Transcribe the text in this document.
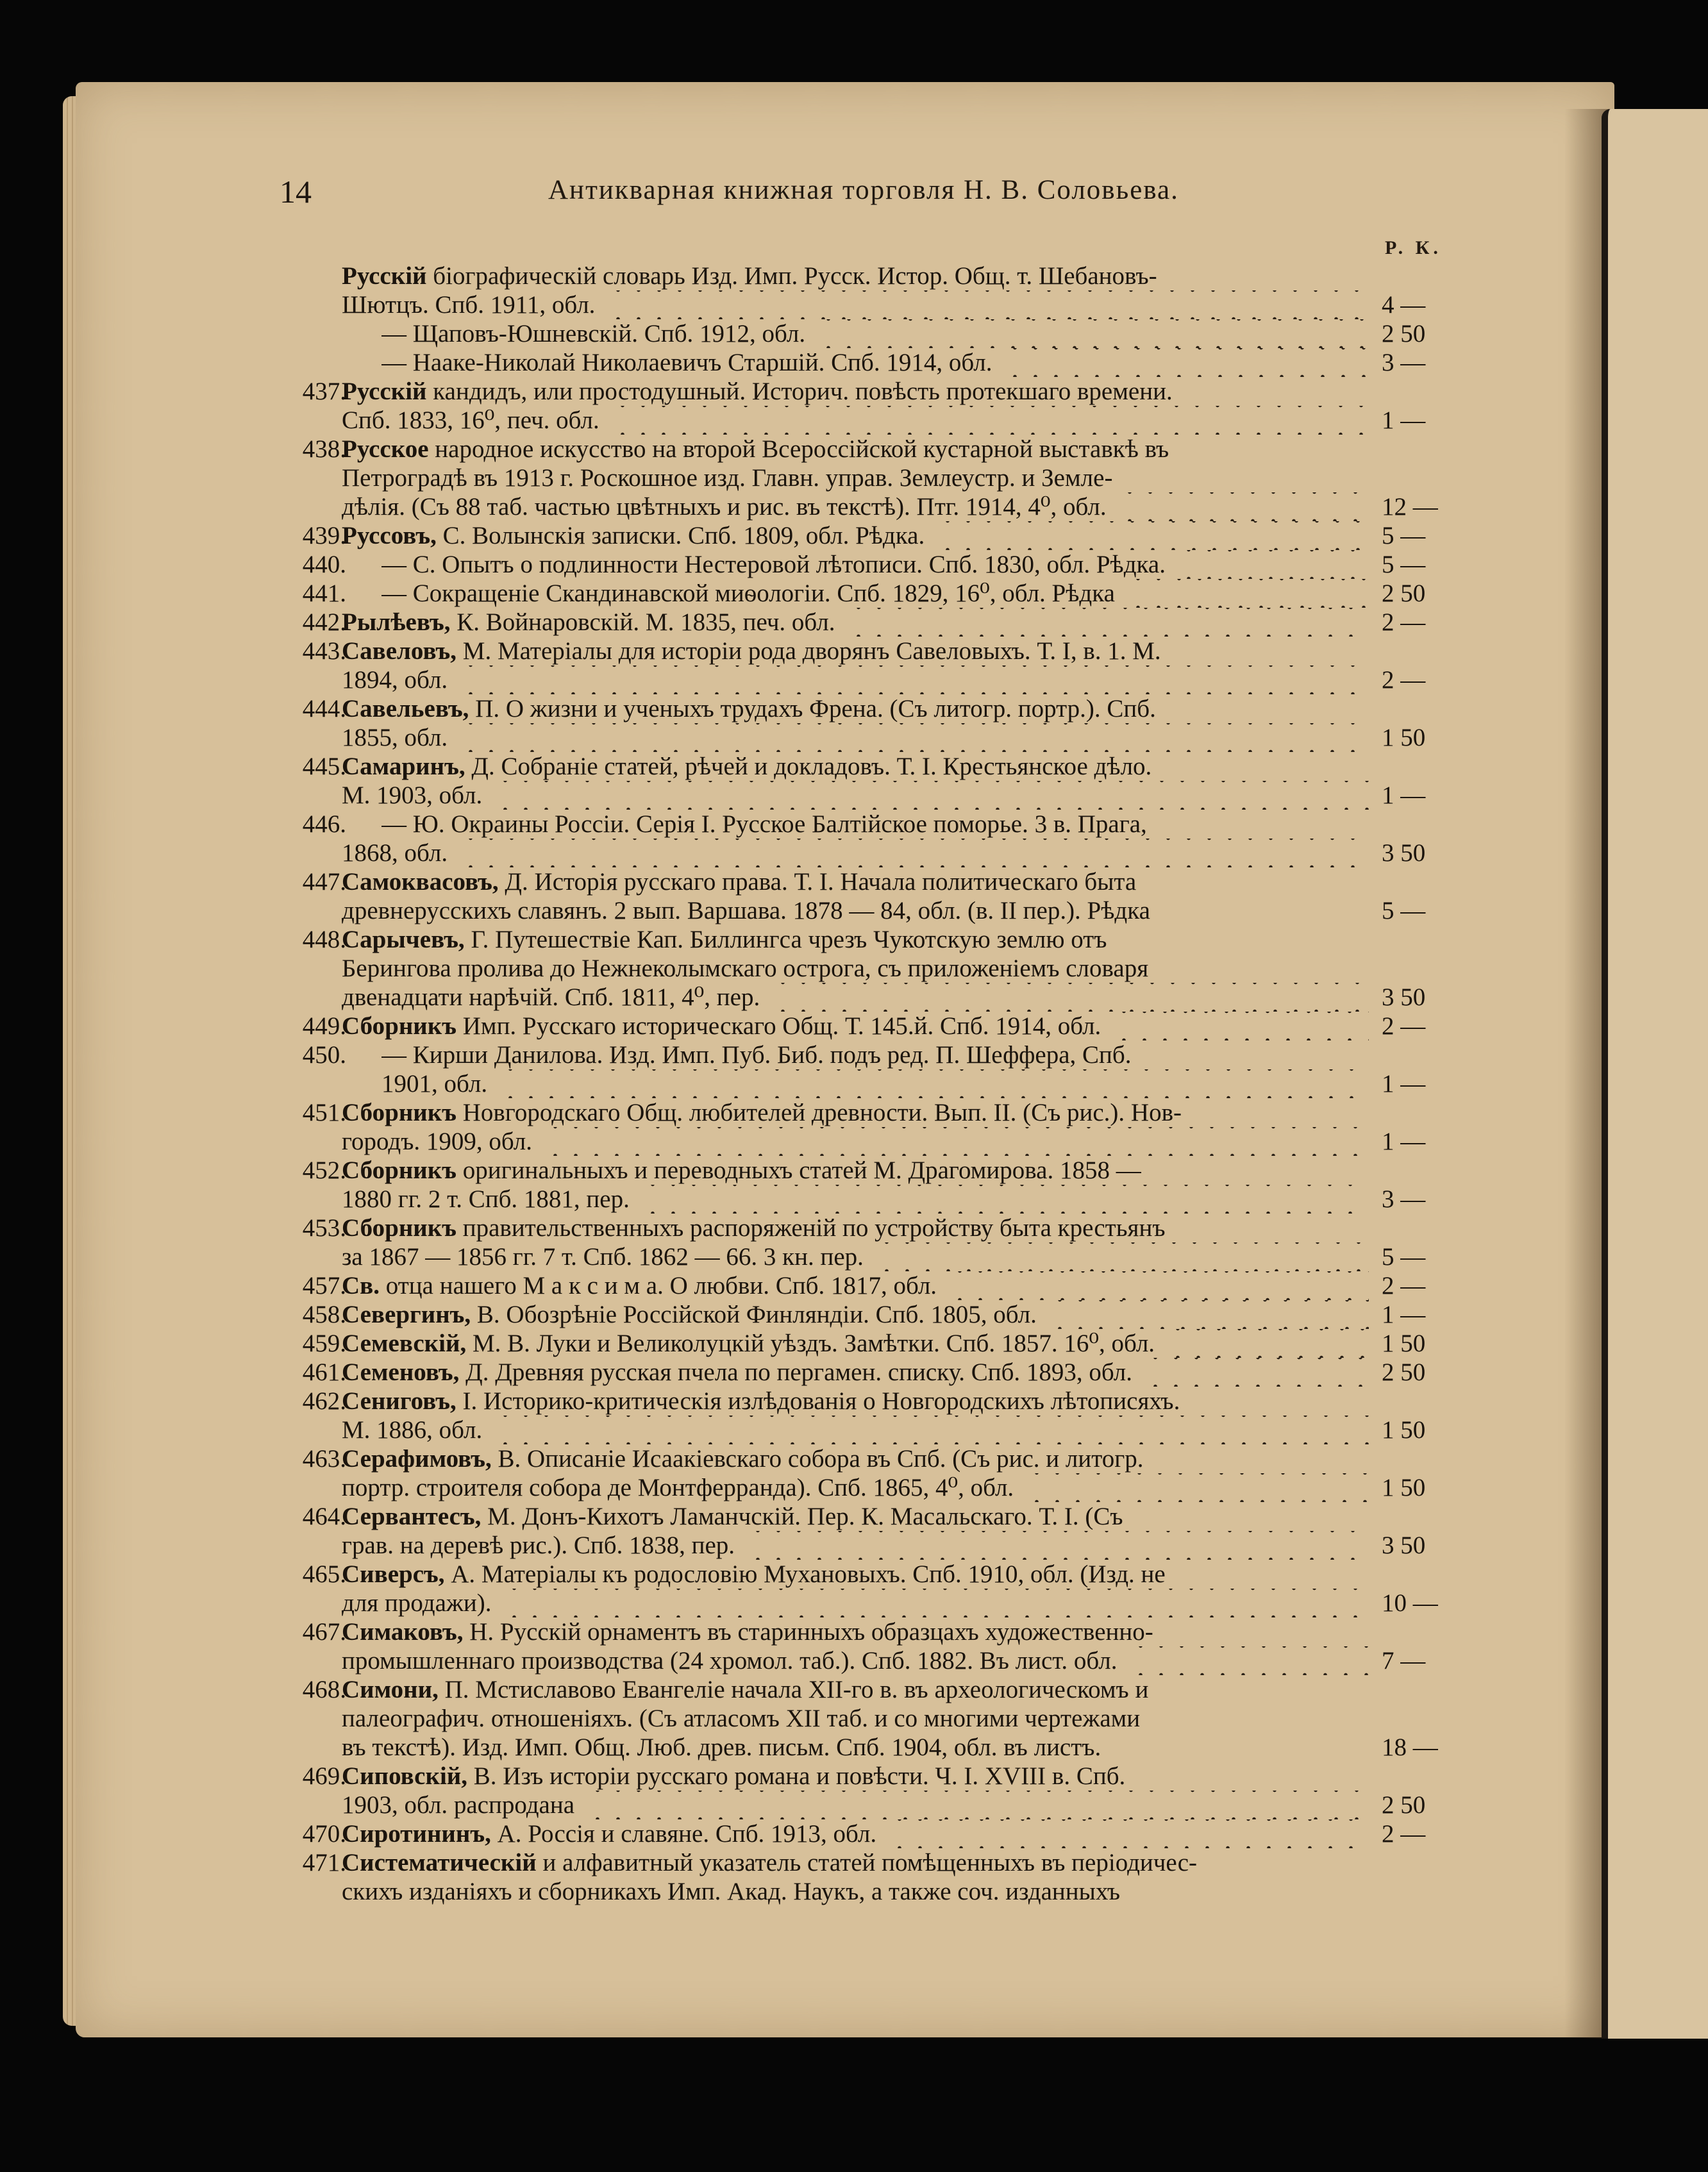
14	Антикварная книжная торговля Н. В. Соловьева.
Р. К.
Русскій біографическій словарь Изд. Имп. Русск. Истор. Общ. т. Шебановъ-
Шютцъ. Спб. 1911, обл.	4 —
— Щаповъ-Юшневскій. Спб. 1912, обл.	2 50
— Нааке-Николай Николаевичъ Старшій. Спб. 1914, обл.	3 —
437.
Русскій кандидъ, или простодушный. Историч. повѣсть протекшаго времени.
Спб. 1833, 16⁰, печ. обл.	1 —
438.
Русское народное искусство на второй Всероссійской кустарной выставкѣ въ
Петроградѣ въ 1913 г. Роскошное изд. Главн. управ. Землеустр. и Земле-
дѣлія. (Съ 88 таб. частью цвѣтныхъ и рис. въ текстѣ). Птг. 1914, 4⁰, обл.	12 —
439.
Руссовъ, С. Волынскія записки. Спб. 1809, обл. Рѣдка.	5 —
440. — С. Опытъ о подлинности Нестеровой лѣтописи. Спб. 1830, обл. Рѣдка.	5 —
441. — Сокращеніе Скандинавской миѳологіи. Спб. 1829, 16⁰, обл. Рѣдка	2 50
442.
Рылѣевъ, К. Войнаровскій. М. 1835, печ. обл.	2 —
443.
Савеловъ, М. Матеріалы для исторіи рода дворянъ Савеловыхъ. Т. I, в. 1. М.
1894, обл.	2 —
444.
Савельевъ, П. О жизни и ученыхъ трудахъ Френа. (Съ литогр. портр.). Спб.
1855, обл.	1 50
445.
Самаринъ, Д. Собраніе статей, рѣчей и докладовъ. Т. I. Крестьянское дѣло.
М. 1903, обл.	1 —
446. — Ю. Окраины Россіи. Серія I. Русское Балтійское поморье. 3 в. Прага,
1868, обл.	3 50
447.
Самоквасовъ, Д. Исторія русскаго права. Т. I. Начала политическаго быта
древнерусскихъ славянъ. 2 вып. Варшава. 1878 — 84, обл. (в. II пер.). Рѣдка	5 —
448.
Сарычевъ, Г. Путешествіе Кап. Биллингса чрезъ Чукотскую землю отъ
Берингова пролива до Нежнеколымскаго острога, съ приложеніемъ словаря
двенадцати нарѣчій. Спб. 1811, 4⁰, пер.	3 50
449.
Сборникъ Имп. Русскаго историческаго Общ. Т. 145.й. Спб. 1914, обл.	2 —
450. — Кирши Данилова. Изд. Имп. Пуб. Биб. подъ ред. П. Шеффера, Спб.
1901, обл.	1 —
451.
Сборникъ Новгородскаго Общ. любителей древности. Вып. II. (Съ рис.). Нов-
городъ. 1909, обл.	1 —
452.
Сборникъ оригинальныхъ и переводныхъ статей М. Драгомирова. 1858 —
1880 гг. 2 т. Спб. 1881, пер.	3 —
453.
Сборникъ правительственныхъ распоряженій по устройству быта крестьянъ
за 1867 — 1856 гг. 7 т. Спб. 1862 — 66. 3 кн. пер.	5 —
457.
Св. отца нашего М а к с и м а. О любви. Спб. 1817, обл.	2 —
458.
Севергинъ, В. Обозрѣніе Россійской Финляндіи. Спб. 1805, обл.	1 —
459.
Семевскій, М. В. Луки и Великолуцкій уѣздъ. Замѣтки. Спб. 1857. 16⁰, обл.	1 50
461.
Семеновъ, Д. Древняя русская пчела по пергамен. списку. Спб. 1893, обл.	2 50
462.
Сениговъ, I. Историко-критическія излѣдованія о Новгородскихъ лѣтописяхъ.
М. 1886, обл.	1 50
463.
Серафимовъ, В. Описаніе Исаакіевскаго собора въ Спб. (Съ рис. и литогр.
портр. строителя собора де Монтферранда). Спб. 1865, 4⁰, обл.	1 50
464.
Сервантесъ, М. Донъ-Кихотъ Ламанчскій. Пер. К. Масальскаго. Т. I. (Съ
грав. на деревѣ рис.). Спб. 1838, пер.	3 50
465.
Сиверсъ, А. Матеріалы къ родословію Мухановыхъ. Спб. 1910, обл. (Изд. не
для продажи).	10 —
467.
Симаковъ, Н. Русскій орнаментъ въ старинныхъ образцахъ художественно-
промышленнаго производства (24 хромол. таб.). Спб. 1882. Въ лист. обл.	7 —
468.
Симони, П. Мстиславово Евангеліе начала XII-го в. въ археологическомъ и
палеографич. отношеніяхъ. (Съ атласомъ XII таб. и со многими чертежами
въ текстѣ). Изд. Имп. Общ. Люб. древ. письм. Спб. 1904, обл. въ листъ.	18 —
469.
Сиповскій, В. Изъ исторіи русскаго романа и повѣсти. Ч. I. XVIII в. Спб.
1903, обл. распродана	2 50
470.
Сиротининъ, А. Россія и славяне. Спб. 1913, обл.	2 —
471.
Систематическій и алфавитный указатель статей помѣщенныхъ въ періодичес-
скихъ изданіяхъ и сборникахъ Имп. Акад. Наукъ, а также соч. изданныхъ
